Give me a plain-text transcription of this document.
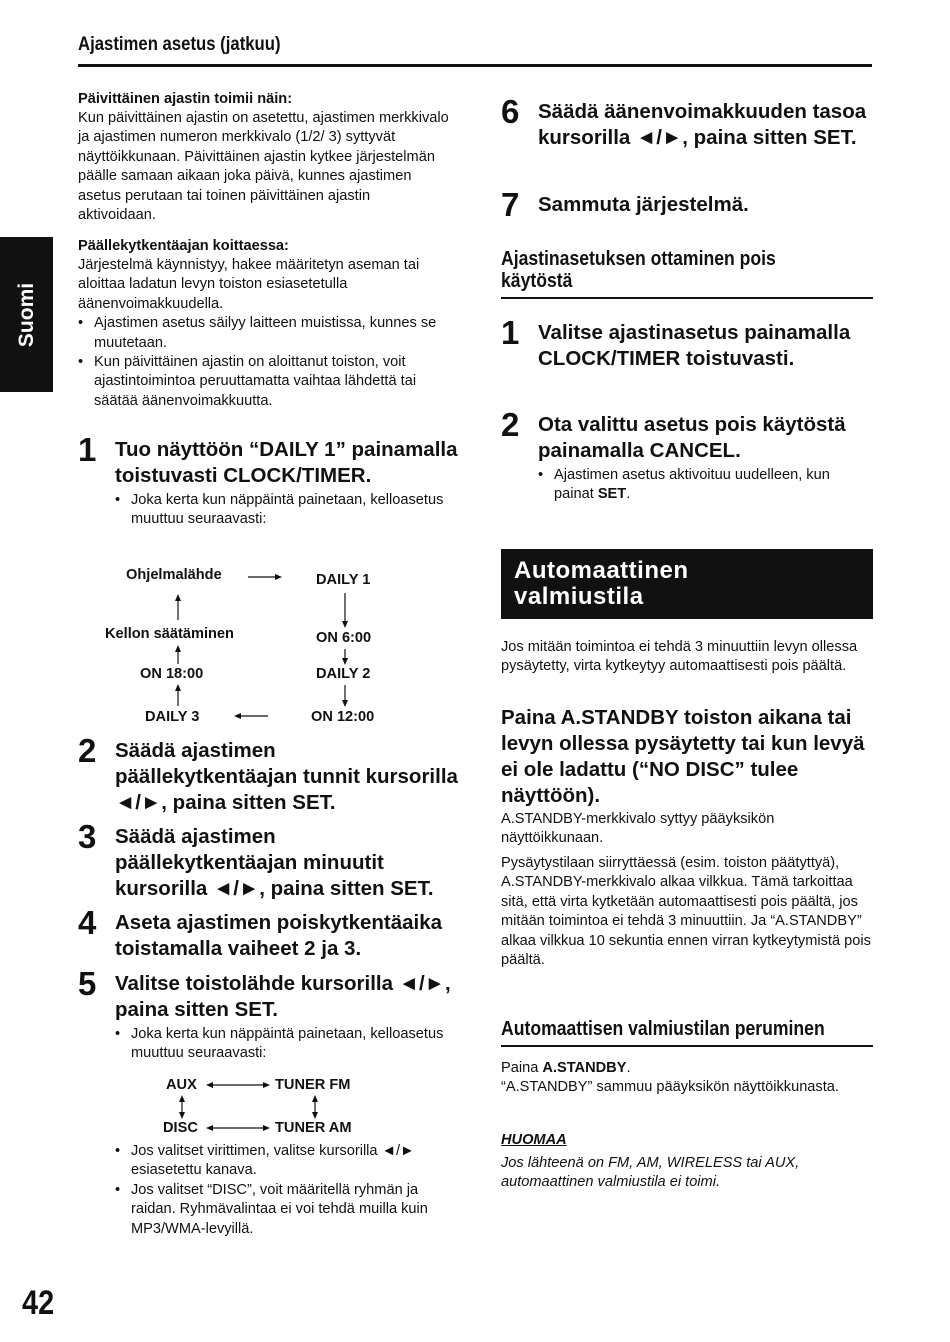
Ajastimen asetus (jatkuu)
Suomi
Päivittäinen ajastin toimii näin:
Kun päivittäinen ajastin on asetettu, ajastimen merkkivalo ja ajastimen numeron merkkivalo (1/2/ 3) syttyvät näyttöikkunaan. Päivittäinen ajastin kytkee järjestelmän päälle samaan aikaan joka päivä, kunnes ajastimen asetus perutaan tai toinen päivittäinen ajastin aktivoidaan.
Päällekytkentäajan koittaessa:
Järjestelmä käynnistyy, hakee määritetyn aseman tai aloittaa ladatun levyn toiston esiasetetulla äänenvoimakkuudella.
• Ajastimen asetus säilyy laitteen muistissa, kunnes se muutetaan.
• Kun päivittäinen ajastin on aloittanut toiston, voit ajastintoimintoa peruuttamatta vaihtaa lähdettä tai säätää äänenvoimakkuutta.
1 Tuo näyttöön “DAILY 1” painamalla toistuvasti CLOCK/TIMER.
• Joka kerta kun näppäintä painetaan, kelloasetus muuttuu seuraavasti:
Ohjelmalähde	DAILY 1
Kellon säätäminen	ON 6:00
ON 18:00	DAILY 2
DAILY 3	ON 12:00
2 Säädä ajastimen päällekytkentäajan tunnit kursorilla ◄/►, paina sitten SET.
3 Säädä ajastimen päällekytkentäajan minuutit kursorilla ◄/►, paina sitten SET.
4 Aseta ajastimen poiskytkentäaika toistamalla vaiheet 2 ja 3.
5 Valitse toistolähde kursorilla ◄/►, paina sitten SET.
• Joka kerta kun näppäintä painetaan, kelloasetus muuttuu seuraavasti:
AUX	TUNER FM
DISC	TUNER AM
• Jos valitset virittimen, valitse kursorilla ◄/► esiasetettu kanava.
• Jos valitset “DISC”, voit määritellä ryhmän ja raidan. Ryhmävalintaa ei voi tehdä muilla kuin MP3/WMA-levyillä.
6 Säädä äänenvoimakkuuden tasoa kursorilla ◄/►, paina sitten SET.
7 Sammuta järjestelmä.
Ajastinasetuksen ottaminen pois käytöstä
1 Valitse ajastinasetus painamalla CLOCK/TIMER toistuvasti.
2 Ota valittu asetus pois käytöstä painamalla CANCEL.
• Ajastimen asetus aktivoituu uudelleen, kun painat SET.
Automaattinen valmiustila
Jos mitään toimintoa ei tehdä 3 minuuttiin levyn ollessa pysäytetty, virta kytkeytyy automaattisesti pois päältä.
Paina A.STANDBY toiston aikana tai levyn ollessa pysäytetty tai kun levyä ei ole ladattu (“NO DISC” tulee näyttöön).
A.STANDBY-merkkivalo syttyy pääyksikön näyttöikkunaan.
Pysäytystilaan siirryttäessä (esim. toiston päätyttyä), A.STANDBY-merkkivalo alkaa vilkkua. Tämä tarkoittaa sitä, että virta kytketään automaattisesti pois päältä, jos mitään toimintoa ei tehdä 3 minuuttiin. Ja “A.STANDBY” alkaa vilkkua 10 sekuntia ennen virran kytkeytymistä pois päältä.
Automaattisen valmiustilan peruminen
Paina A.STANDBY.
“A.STANDBY” sammuu pääyksikön näyttöikkunasta.
HUOMAA
Jos lähteenä on FM, AM, WIRELESS tai AUX, automaattinen valmiustila ei toimi.
42
